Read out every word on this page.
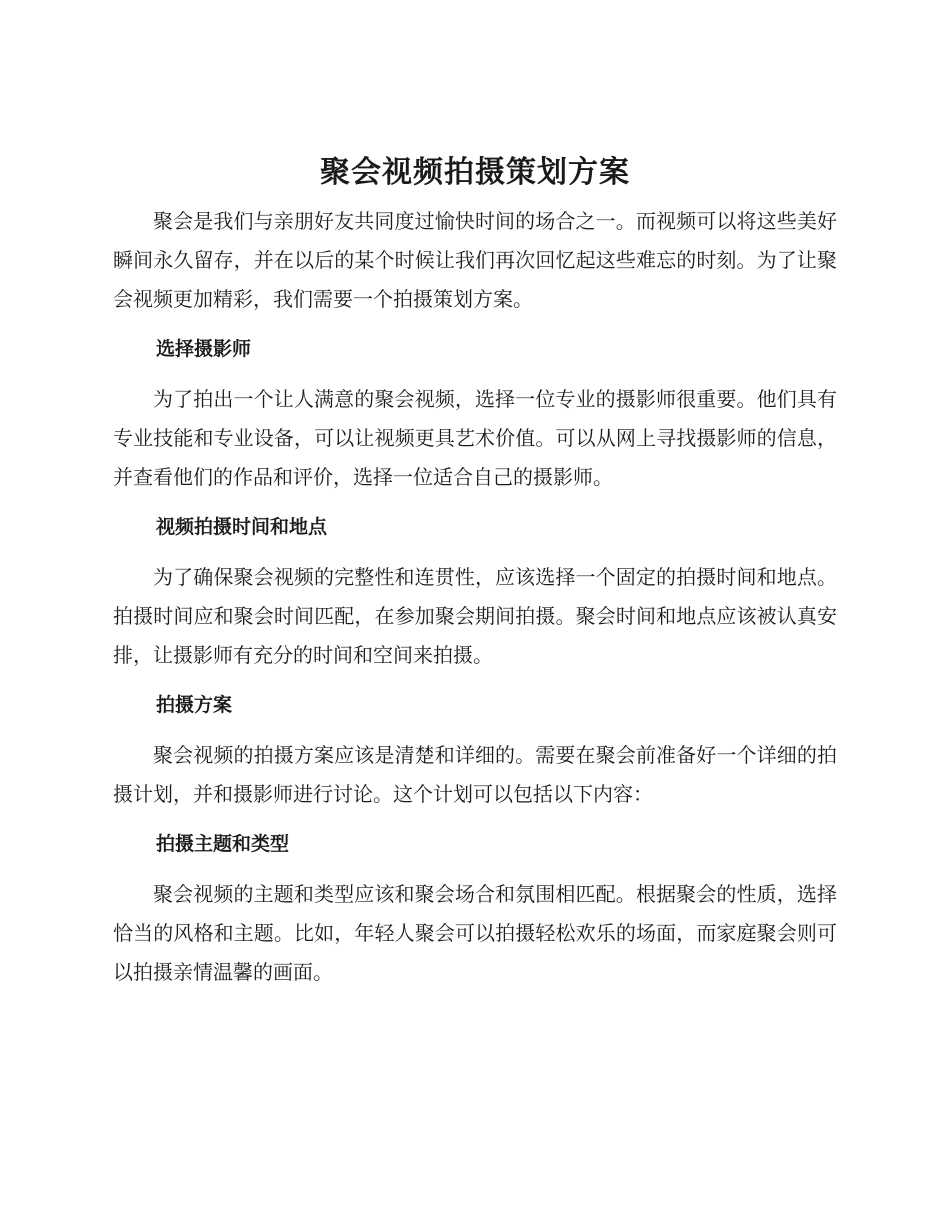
聚会视频拍摄策划方案

聚会是我们与亲朋好友共同度过愉快时间的场合之一。而视频可以将这些美好瞬间永久留存，并在以后的某个时候让我们再次回忆起这些难忘的时刻。为了让聚会视频更加精彩，我们需要一个拍摄策划方案。

选择摄影师

为了拍出一个让人满意的聚会视频，选择一位专业的摄影师很重要。他们具有专业技能和专业设备，可以让视频更具艺术价值。可以从网上寻找摄影师的信息，并查看他们的作品和评价，选择一位适合自己的摄影师。

视频拍摄时间和地点

为了确保聚会视频的完整性和连贯性，应该选择一个固定的拍摄时间和地点。拍摄时间应和聚会时间匹配，在参加聚会期间拍摄。聚会时间和地点应该被认真安排，让摄影师有充分的时间和空间来拍摄。

拍摄方案

聚会视频的拍摄方案应该是清楚和详细的。需要在聚会前准备好一个详细的拍摄计划，并和摄影师进行讨论。这个计划可以包括以下内容：

拍摄主题和类型

聚会视频的主题和类型应该和聚会场合和氛围相匹配。根据聚会的性质，选择恰当的风格和主题。比如，年轻人聚会可以拍摄轻松欢乐的场面，而家庭聚会则可以拍摄亲情温馨的画面。
